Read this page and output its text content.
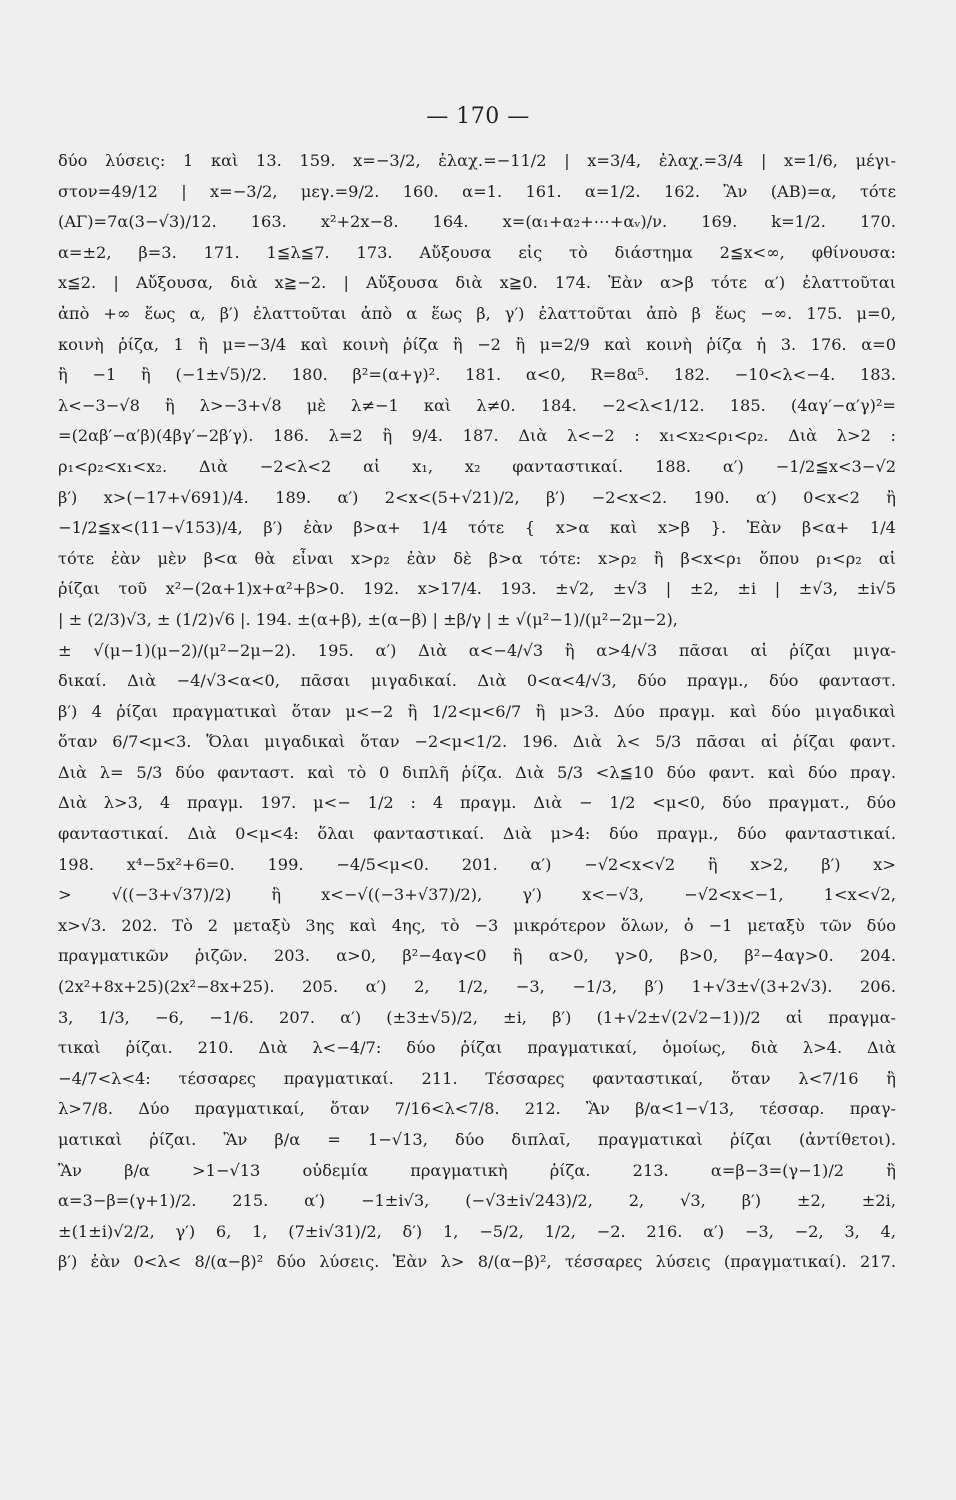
— 170 —
δύο λύσεις: 1 καὶ 13. 159. x=−3/2, ἐλαχ.=−11/2 | x=3/4, ἐλαχ.=3/4 | x=1/6, μέγι-
στον=49/12 | x=−3/2, μεγ.=9/2. 160. α=1. 161. α=1/2. 162. Ἂν (ΑΒ)=α, τότε
(ΑΓ)=7α(3−√3)/12. 163. x²+2x−8. 164. x=(α₁+α₂+⋯+αᵥ)/ν. 169. k=1/2. 170.
α=±2, β=3. 171. 1≦λ≦7. 173. Αὔξουσα εἰς τὸ διάστημα 2≦x<∞, φθίνουσα:
x≦2. | Αὔξουσα, διὰ x≧−2. | Αὔξουσα διὰ x≧0. 174. Ἐὰν α>β τότε α′) ἐλαττοῦται
ἀπὸ +∞ ἕως α, β′) ἐλαττοῦται ἀπὸ α ἕως β, γ′) ἐλαττοῦται ἀπὸ β ἕως −∞. 175. μ=0,
κοινὴ ῥίζα, 1 ἢ μ=−3/4 καὶ κοινὴ ῥίζα ἢ −2 ἢ μ=2/9 καὶ κοινὴ ῥίζα ἡ 3. 176. α=0
ἢ −1 ἢ (−1±√5)/2. 180. β²=(α+γ)². 181. α<0, R=8α⁵. 182. −10<λ<−4. 183.
λ<−3−√8 ἢ λ>−3+√8 μὲ λ≠−1 καὶ λ≠0. 184. −2<λ<1/12. 185. (4αγ′−α′γ)²=
=(2αβ′−α′β)(4βγ′−2β′γ). 186. λ=2 ἢ 9/4. 187. Διὰ λ<−2 : x₁<x₂<ρ₁<ρ₂. Διὰ λ>2 :
ρ₁<ρ₂<x₁<x₂. Διὰ −2<λ<2 αἱ x₁, x₂ φανταστικαί. 188. α′) −1/2≦x<3−√2
β′) x>(−17+√691)/4. 189. α′) 2<x<(5+√21)/2, β′) −2<x<2. 190. α′) 0<x<2 ἢ
−1/2≦x<(11−√153)/4, β′) ἐὰν β>α+ 1/4 τότε { x>α καὶ x>β }. Ἐὰν β<α+ 1/4
τότε ἐὰν μὲν β<α θὰ εἶναι x>ρ₂ ἐὰν δὲ β>α τότε: x>ρ₂ ἢ β<x<ρ₁ ὅπου ρ₁<ρ₂ αἱ
ῥίζαι τοῦ x²−(2α+1)x+α²+β>0. 192. x>17/4. 193. ±√2, ±√3 | ±2, ±i | ±√3, ±i√5
| ± (2/3)√3, ± (1/2)√6 |. 194. ±(α+β), ±(α−β) | ±β/γ | ± √(μ²−1)/(μ²−2μ−2),
± √(μ−1)(μ−2)/(μ²−2μ−2). 195. α′) Διὰ α<−4/√3 ἢ α>4/√3 πᾶσαι αἱ ῥίζαι μιγα-
δικαί. Διὰ −4/√3<α<0, πᾶσαι μιγαδικαί. Διὰ 0<α<4/√3, δύο πραγμ., δύο φανταστ.
β′) 4 ῥίζαι πραγματικαὶ ὅταν μ<−2 ἢ 1/2<μ<6/7 ἢ μ>3. Δύο πραγμ. καὶ δύο μιγαδικαὶ
ὅταν 6/7<μ<3. Ὅλαι μιγαδικαὶ ὅταν −2<μ<1/2. 196. Διὰ λ< 5/3 πᾶσαι αἱ ῥίζαι φαντ.
Διὰ λ= 5/3 δύο φανταστ. καὶ τὸ 0 διπλῆ ῥίζα. Διὰ 5/3 <λ≦10 δύο φαντ. καὶ δύο πραγ.
Διὰ λ>3, 4 πραγμ. 197. μ<− 1/2 : 4 πραγμ. Διὰ − 1/2 <μ<0, δύο πραγματ., δύο
φανταστικαί. Διὰ 0<μ<4: ὅλαι φανταστικαί. Διὰ μ>4: δύο πραγμ., δύο φανταστικαί.
198. x⁴−5x²+6=0. 199. −4/5<μ<0. 201. α′) −√2<x<√2 ἢ x>2, β′) x>
> √((−3+√37)/2) ἢ x<−√((−3+√37)/2), γ′) x<−√3, −√2<x<−1, 1<x<√2,
x>√3. 202. Τὸ 2 μεταξὺ 3ης καὶ 4ης, τὸ −3 μικρότερον ὅλων, ὁ −1 μεταξὺ τῶν δύο
πραγματικῶν ῥιζῶν. 203. α>0, β²−4αγ<0 ἢ α>0, γ>0, β>0, β²−4αγ>0. 204.
(2x²+8x+25)(2x²−8x+25). 205. α′) 2, 1/2, −3, −1/3, β′) 1+√3±√(3+2√3). 206.
3, 1/3, −6, −1/6. 207. α′) (±3±√5)/2, ±i, β′) (1+√2±√(2√2−1))/2 αἱ πραγμα-
τικαὶ ῥίζαι. 210. Διὰ λ<−4/7: δύο ῥίζαι πραγματικαί, ὁμοίως, διὰ λ>4. Διὰ
−4/7<λ<4: τέσσαρες πραγματικαί. 211. Τέσσαρες φανταστικαί, ὅταν λ<7/16 ἢ
λ>7/8. Δύο πραγματικαί, ὅταν 7/16<λ<7/8. 212. Ἂν β/α<1−√13, τέσσαρ. πραγ-
ματικαὶ ῥίζαι. Ἂν β/α = 1−√13, δύο διπλαῖ, πραγματικαὶ ῥίζαι (ἀντίθετοι).
Ἂν β/α >1−√13 οὐδεμία πραγματικὴ ῥίζα. 213. α=β−3=(γ−1)/2 ἢ
α=3−β=(γ+1)/2. 215. α′) −1±i√3, (−√3±i√243)/2, 2, √3, β′) ±2, ±2i,
±(1±i)√2/2, γ′) 6, 1, (7±i√31)/2, δ′) 1, −5/2, 1/2, −2. 216. α′) −3, −2, 3, 4,
β′) ἐὰν 0<λ< 8/(α−β)² δύο λύσεις. Ἐὰν λ> 8/(α−β)², τέσσαρες λύσεις (πραγματικαί). 217.
